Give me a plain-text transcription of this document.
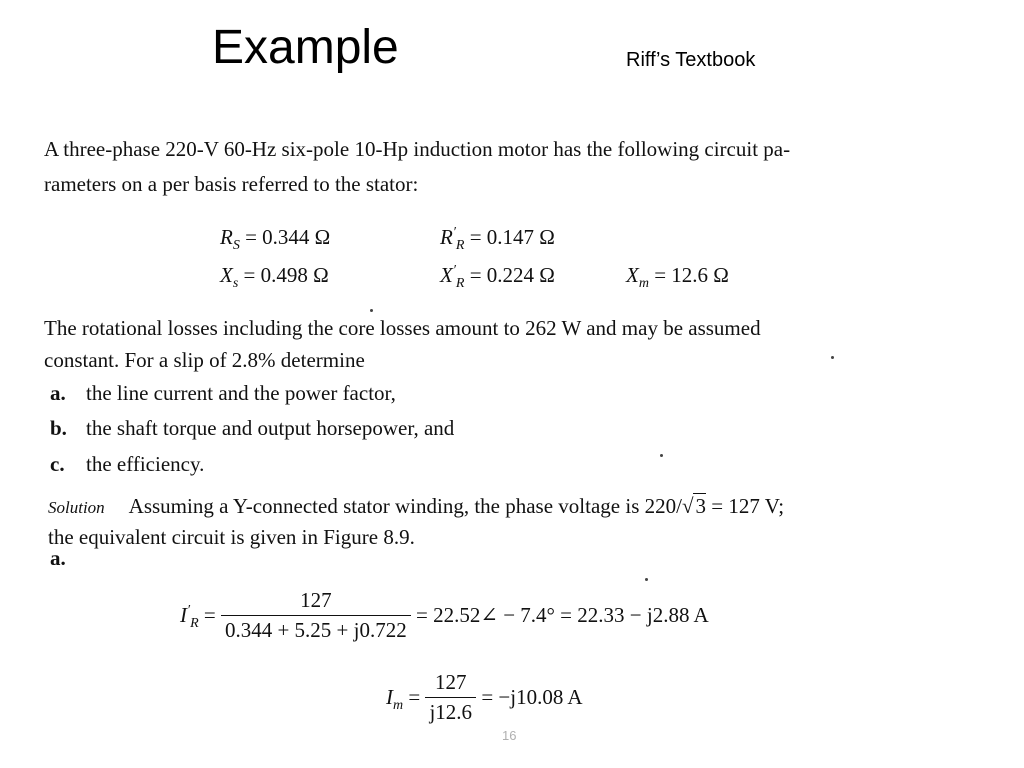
Example	Riff’s Textbook
A three-phase 220-V 60-Hz six-pole 10-Hp induction motor has the following circuit pa-
rameters on a per basis referred to the stator:
$R_S = 0.344$ Ω	$R'_R = 0.147$ Ω
$X_s = 0.498$ Ω	$X'_R = 0.224$ Ω	$X_m = 12.6$ Ω
The rotational losses including the core losses amount to 262 W and may be assumed
constant. For a slip of 2.8% determine
a. the line current and the power factor,
b. the shaft torque and output horsepower, and
c. the efficiency.
Solution Assuming a Y-connected stator winding, the phase voltage is 220/√3 = 127 V;
the equivalent circuit is given in Figure 8.9.
a.
$I'_R = \frac{127}{0.344 + 5.25 + j0.722}$ = 22.52∠ − 7.4° = 22.33 − j2.88 A
$I_m = \frac{127}{j12.6} = -j10.08$ A
16
